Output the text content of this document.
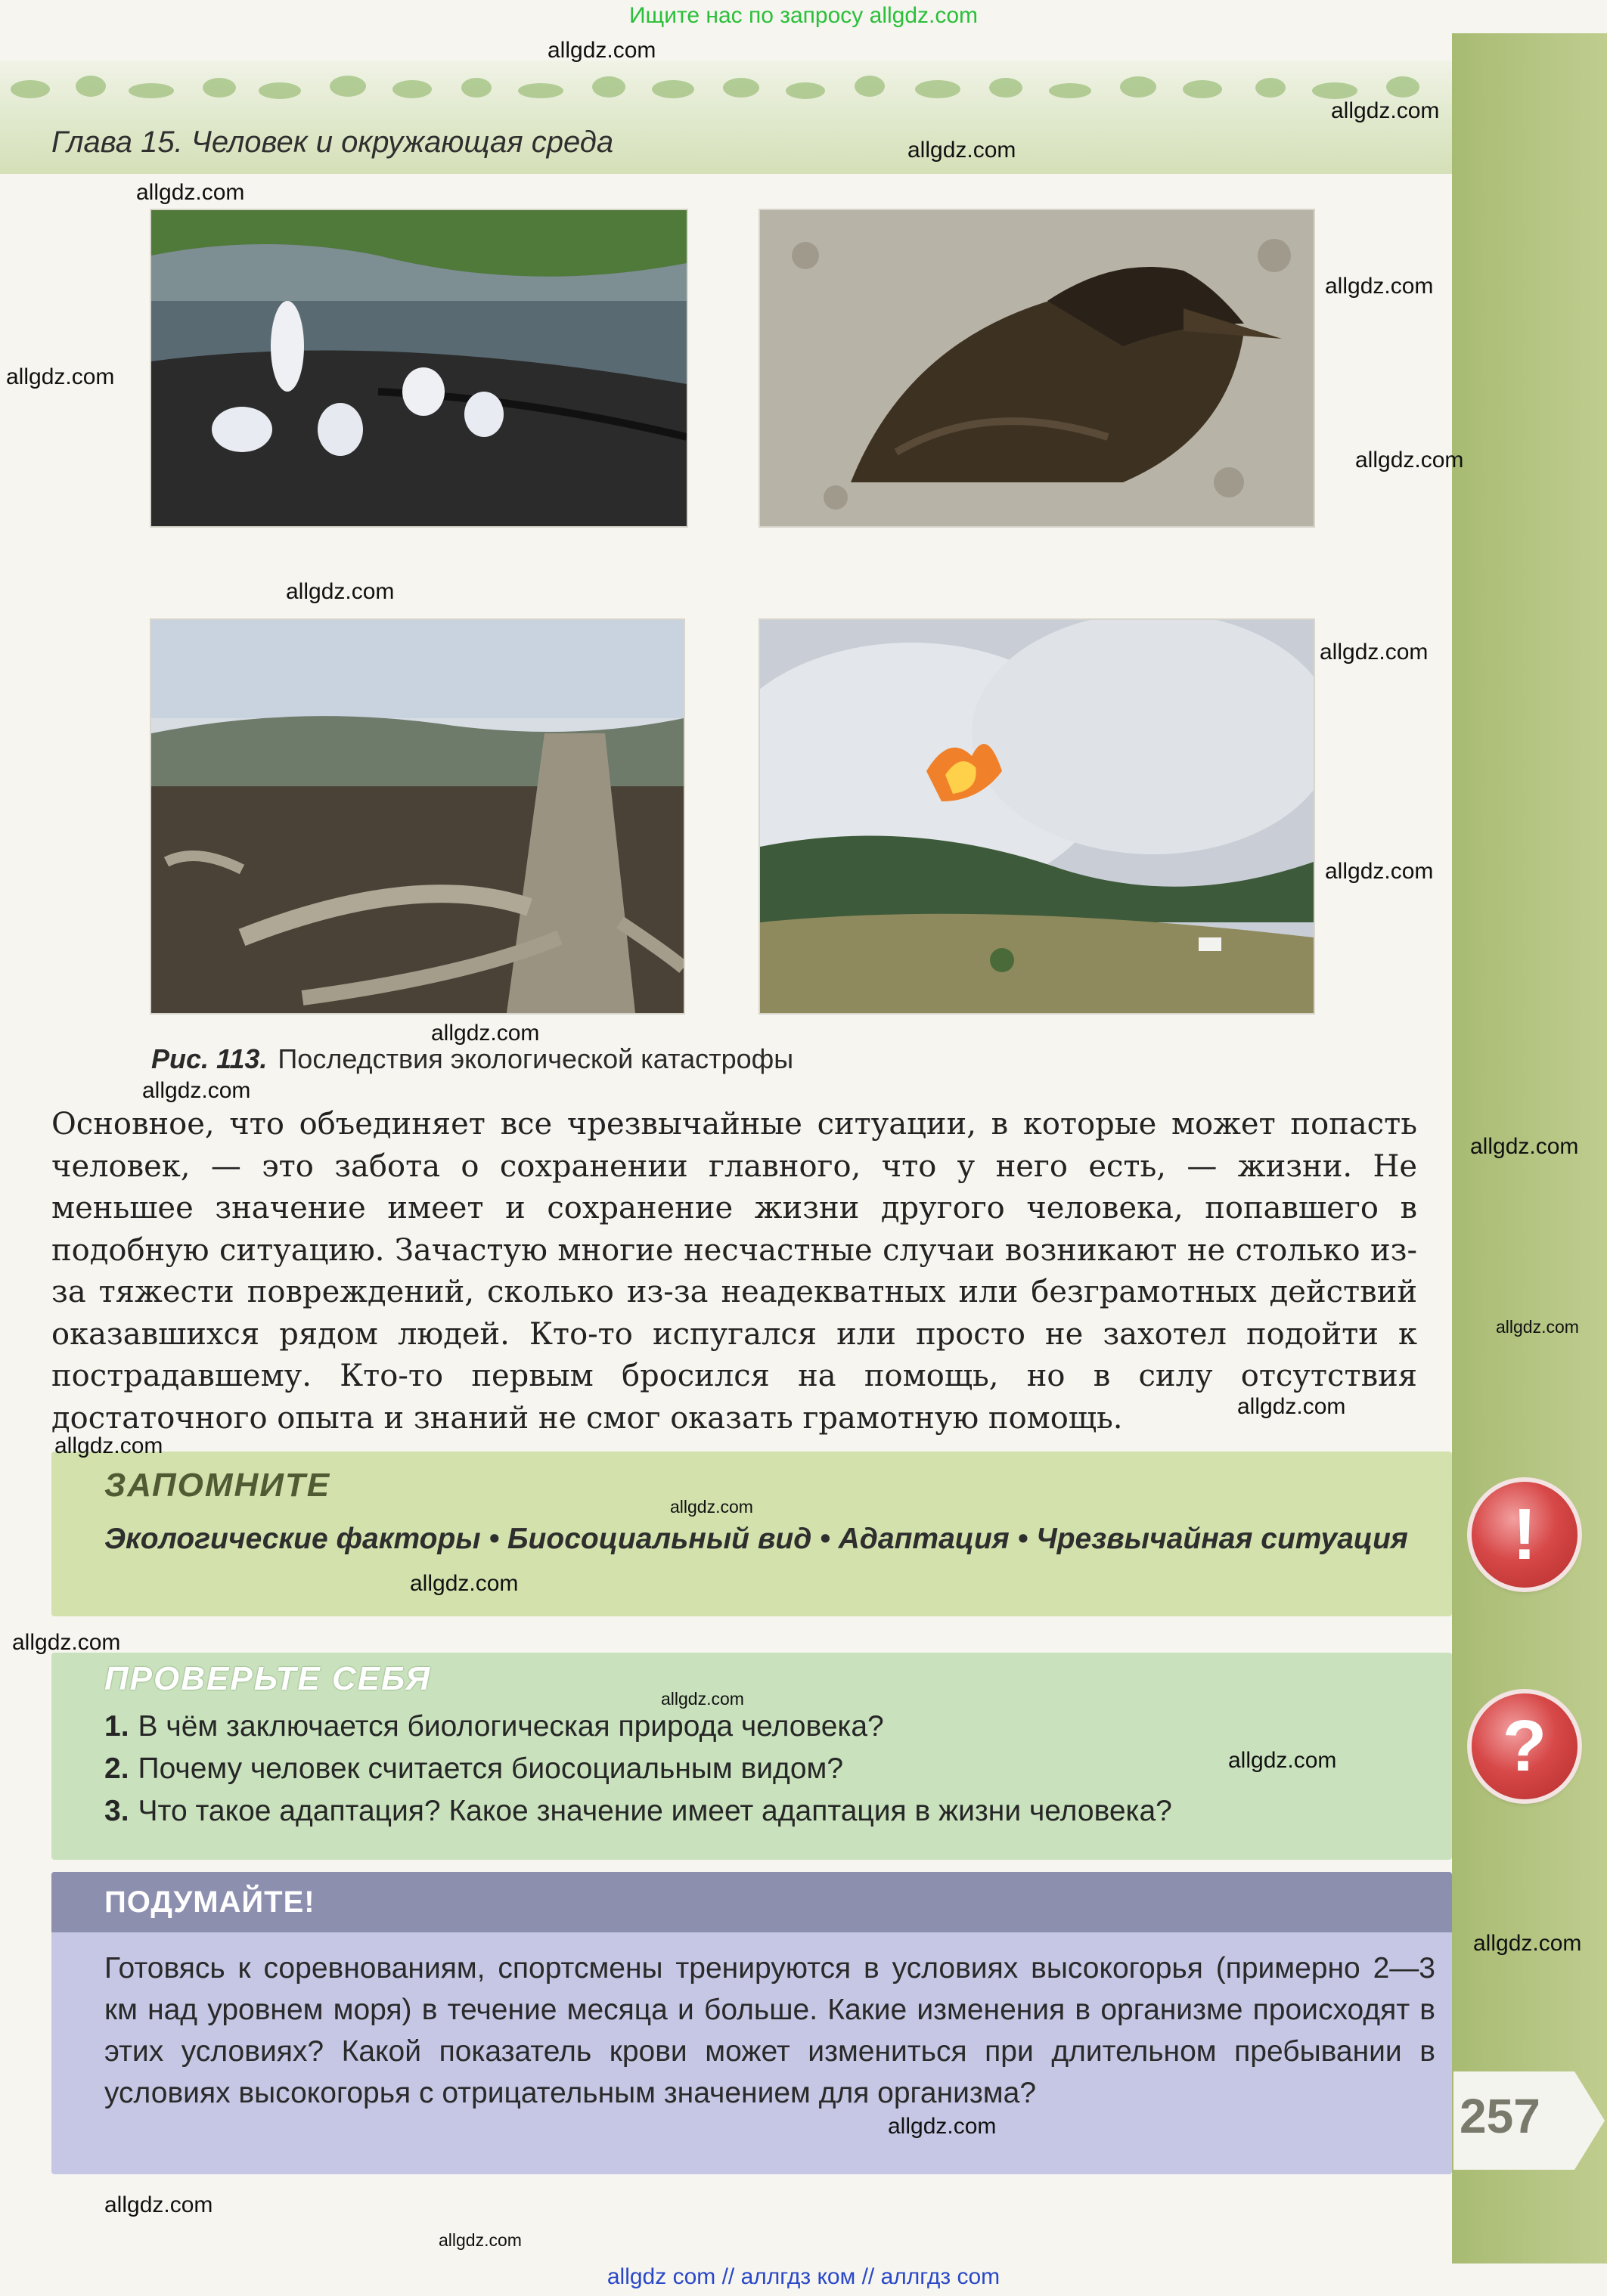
Глава 15. Человек и окружающая среда
Рис. 113. Последствия экологической катастрофы
Основное, что объединяет все чрезвычайные ситуации, в которые может попасть человек, — это забота о сохранении главного, что у него есть, — жизни. Не меньшее значение имеет и сохранение жизни другого человека, попавшего в подобную ситуацию. Зачастую многие несчастные случаи возникают не столько из-за тяжести повреждений, сколько из-за неадекватных или безграмотных действий оказавшихся рядом людей. Кто-то испугался или просто не захотел подойти к пострадавшему. Кто-то первым бросился на помощь, но в силу отсутствия достаточного опыта и знаний не смог оказать грамотную помощь.
ЗАПОМНИТЕ
Экологические факторы • Биосоциальный вид • Адаптация • Чрезвычайная ситуация
ПРОВЕРЬТЕ СЕБЯ
1. В чём заключается биологическая природа человека?
2. Почему человек считается биосоциальным видом?
3. Что такое адаптация? Какое значение имеет адаптация в жизни человека?
ПОДУМАЙТЕ!
Готовясь к соревнованиям, спортсмены тренируются в условиях высокогорья (примерно 2—3 км над уровнем моря) в течение месяца и больше. Какие изменения в организме происходят в этих условиях? Какой показатель крови может измениться при длительном пребывании в условиях высокогорья с отрицательным значением для организма?
!
?
257
Ищите нас по запросу allgdz.com
allgdz com // аллгдз ком // аллгдз com
allgdz.com
allgdz.com
allgdz.com
allgdz.com
allgdz.com
allgdz.com
allgdz.com
allgdz.com
allgdz.com
allgdz.com
allgdz.com
allgdz.com
allgdz.com
allgdz.com
allgdz.com
allgdz.com
allgdz.com
allgdz.com
allgdz.com
allgdz.com
allgdz.com
allgdz.com
allgdz.com
allgdz.com
allgdz.com
